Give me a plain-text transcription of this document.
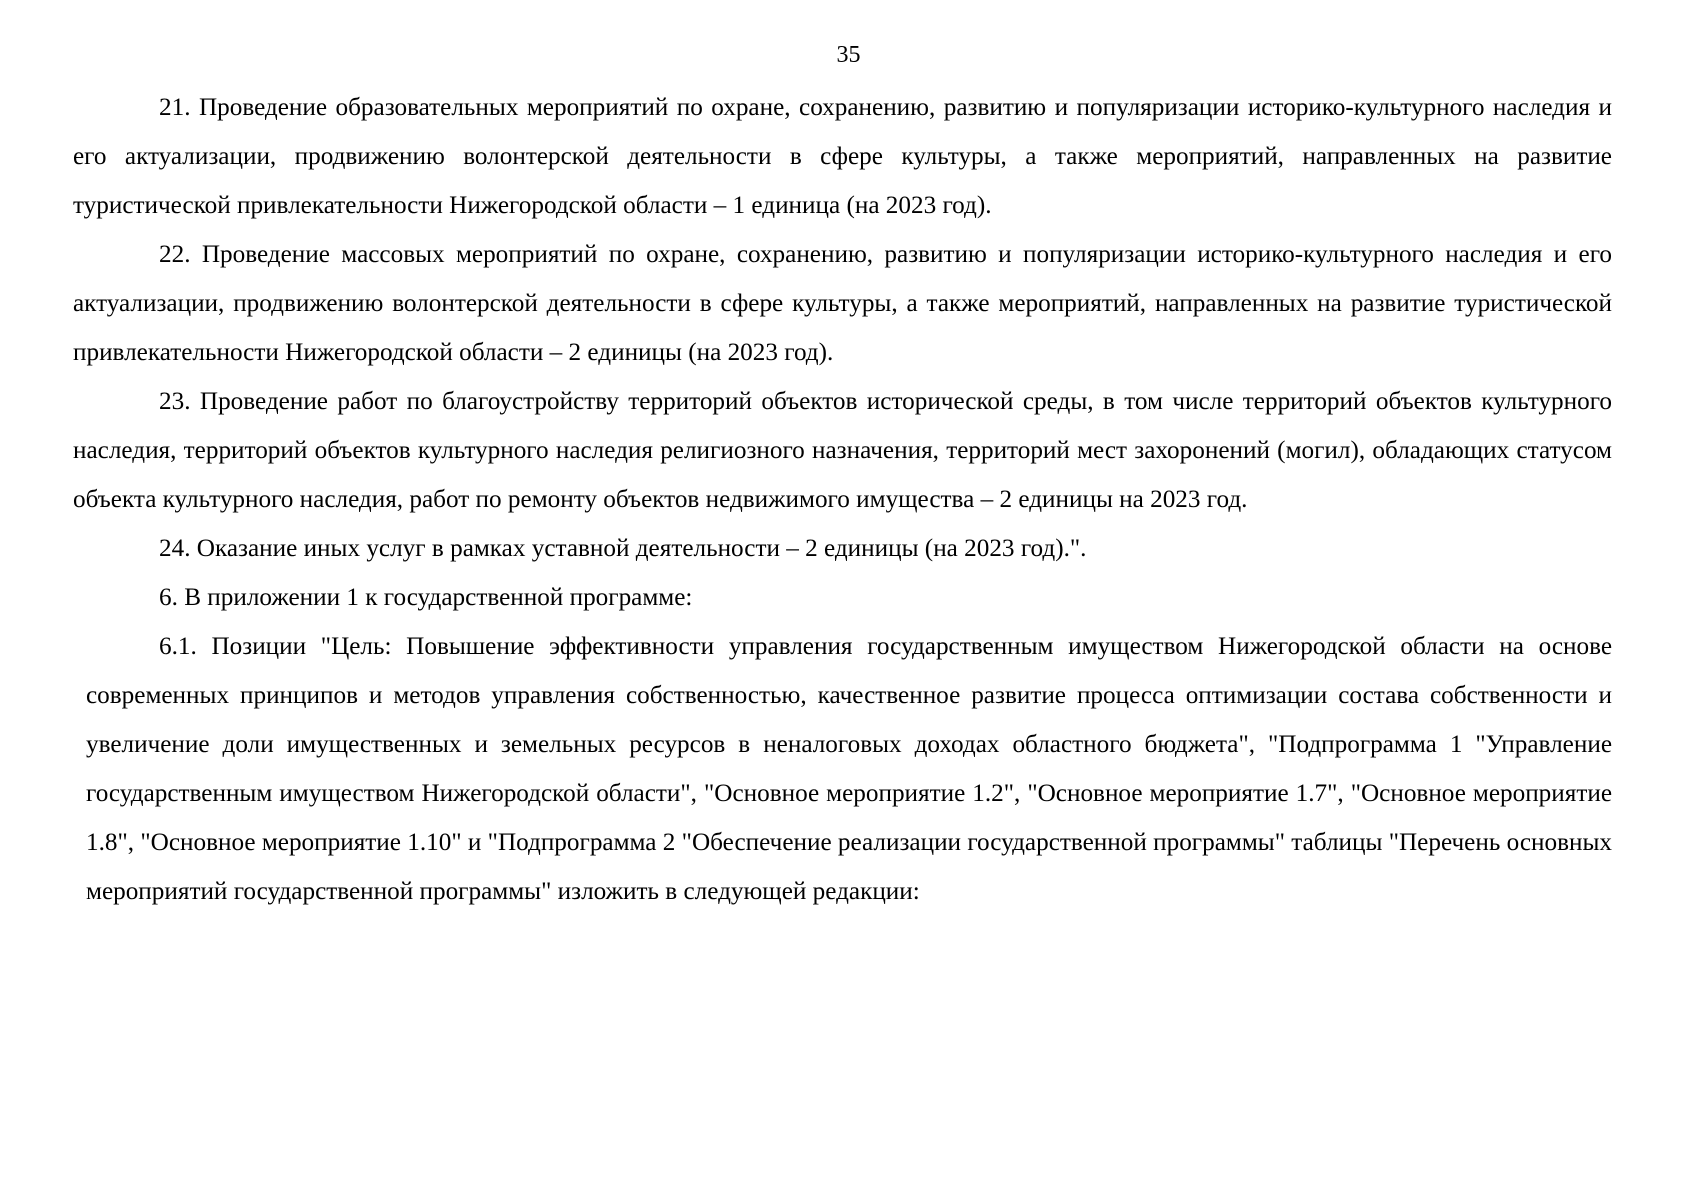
35

21. Проведение образовательных мероприятий по охране, сохранению, развитию и популяризации историко-культурного наследия и его актуализации, продвижению волонтерской деятельности в сфере культуры, а также мероприятий, направленных на развитие туристической привлекательности Нижегородской области – 1 единица (на 2023 год).

22. Проведение массовых мероприятий по охране, сохранению, развитию и популяризации историко-культурного наследия и его актуализации, продвижению волонтерской деятельности в сфере культуры, а также мероприятий, направленных на развитие туристической привлекательности Нижегородской области – 2 единицы (на 2023 год).

23. Проведение работ по благоустройству территорий объектов исторической среды, в том числе территорий объектов культурного наследия, территорий объектов культурного наследия религиозного назначения, территорий мест захоронений (могил), обладающих статусом объекта культурного наследия, работ по ремонту объектов недвижимого имущества – 2 единицы на 2023 год.

24. Оказание иных услуг в рамках уставной деятельности – 2 единицы (на 2023 год).".

6. В приложении 1 к государственной программе:

6.1. Позиции "Цель: Повышение эффективности управления государственным имуществом Нижегородской области на основе современных принципов и методов управления собственностью, качественное развитие процесса оптимизации состава собственности и увеличение доли имущественных и земельных ресурсов в неналоговых доходах областного бюджета", "Подпрограмма 1 "Управление государственным имуществом Нижегородской области", "Основное мероприятие 1.2", "Основное мероприятие 1.7", "Основное мероприятие 1.8", "Основное мероприятие 1.10" и "Подпрограмма 2 "Обеспечение реализации государственной программы" таблицы "Перечень основных мероприятий государственной программы" изложить в следующей редакции:
